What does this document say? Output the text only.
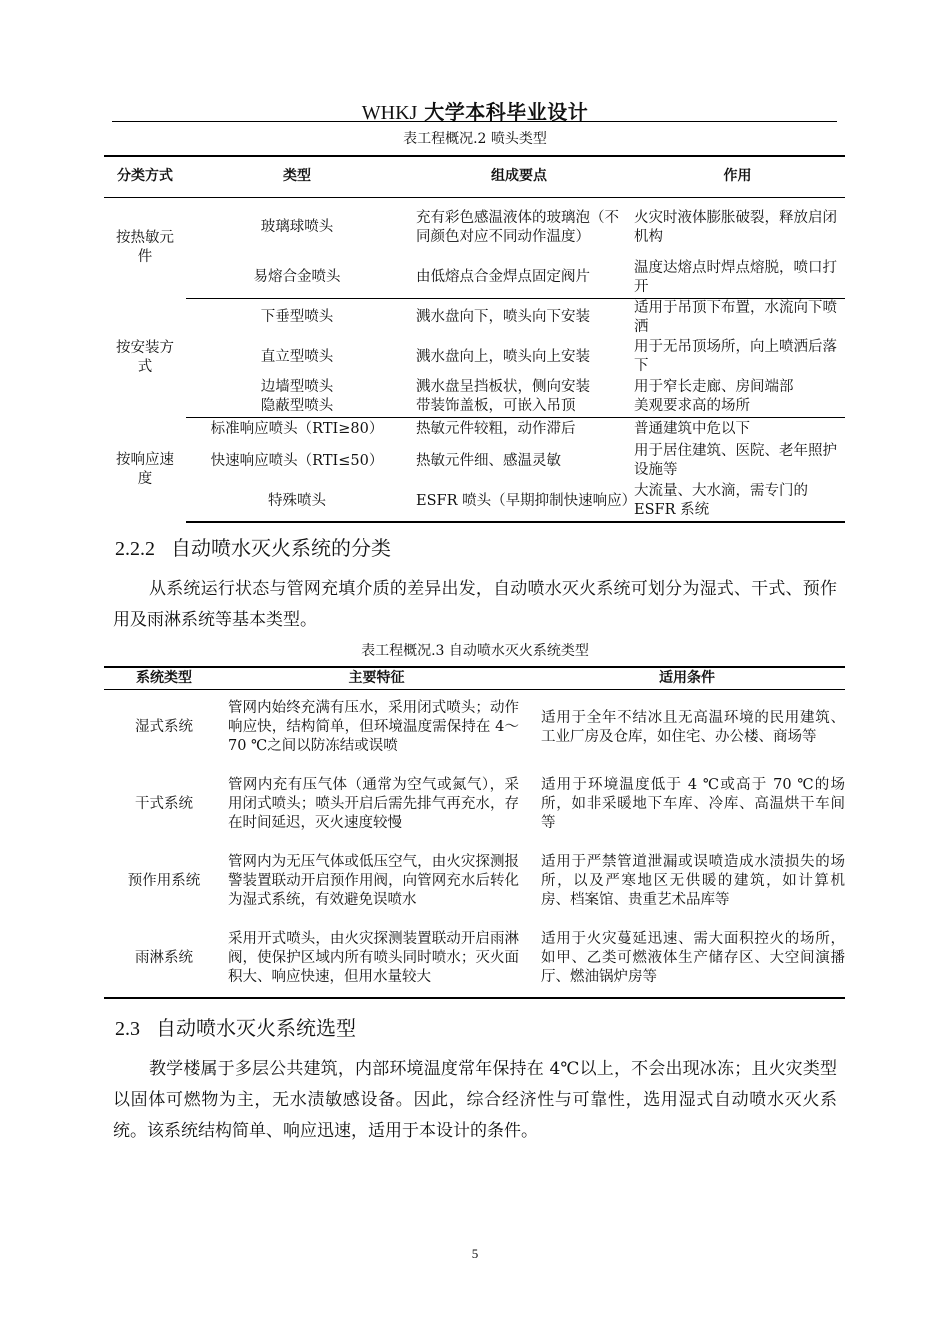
WHKJ 大学本科毕业设计
表工程概况.2 喷头类型
分类方式	类型	组成要点	作用
按热敏元件	玻璃球喷头	充有彩色感温液体的玻璃泡（不同颜色对应不同动作温度）	火灾时液体膨胀破裂，释放启闭机构
	易熔合金喷头	由低熔点合金焊点固定阀片	温度达熔点时焊点熔脱，喷口打开
按安装方式	下垂型喷头	溅水盘向下，喷头向下安装	适用于吊顶下布置，水流向下喷洒
	直立型喷头	溅水盘向上，喷头向上安装	用于无吊顶场所，向上喷洒后落下
	边墙型喷头	溅水盘呈挡板状，侧向安装	用于窄长走廊、房间端部
	隐蔽型喷头	带装饰盖板，可嵌入吊顶	美观要求高的场所
按响应速度	标准响应喷头（RTI≥80）	热敏元件较粗，动作滞后	普通建筑中危以下
	快速响应喷头（RTI≤50）	热敏元件细、感温灵敏	用于居住建筑、医院、老年照护设施等
	特殊喷头	ESFR 喷头（早期抑制快速响应）	大流量、大水滴，需专门的 ESFR 系统
2.2.2 自动喷水灭火系统的分类
从系统运行状态与管网充填介质的差异出发，自动喷水灭火系统可划分为湿式、干式、预作用及雨淋系统等基本类型。
表工程概况.3 自动喷水灭火系统类型
系统类型	主要特征	适用条件
湿式系统	管网内始终充满有压水，采用闭式喷头；动作响应快，结构简单，但环境温度需保持在 4～70 ℃之间以防冻结或误喷	适用于全年不结冰且无高温环境的民用建筑、工业厂房及仓库，如住宅、办公楼、商场等
干式系统	管网内充有压气体（通常为空气或氮气），采用闭式喷头；喷头开启后需先排气再充水，存在时间延迟，灭火速度较慢	适用于环境温度低于 4 ℃或高于 70 ℃的场所，如非采暖地下车库、冷库、高温烘干车间等
预作用系统	管网内为无压气体或低压空气，由火灾探测报警装置联动开启预作用阀，向管网充水后转化为湿式系统，有效避免误喷水	适用于严禁管道泄漏或误喷造成水渍损失的场所，以及严寒地区无供暖的建筑，如计算机房、档案馆、贵重艺术品库等
雨淋系统	采用开式喷头，由火灾探测装置联动开启雨淋阀，使保护区域内所有喷头同时喷水；灭火面积大、响应快速，但用水量较大	适用于火灾蔓延迅速、需大面积控火的场所，如甲、乙类可燃液体生产储存区、大空间演播厅、燃油锅炉房等
2.3 自动喷水灭火系统选型
教学楼属于多层公共建筑，内部环境温度常年保持在 4℃以上，不会出现冰冻；且火灾类型以固体可燃物为主，无水渍敏感设备。因此，综合经济性与可靠性，选用湿式自动喷水灭火系统。该系统结构简单、响应迅速，适用于本设计的条件。
5
